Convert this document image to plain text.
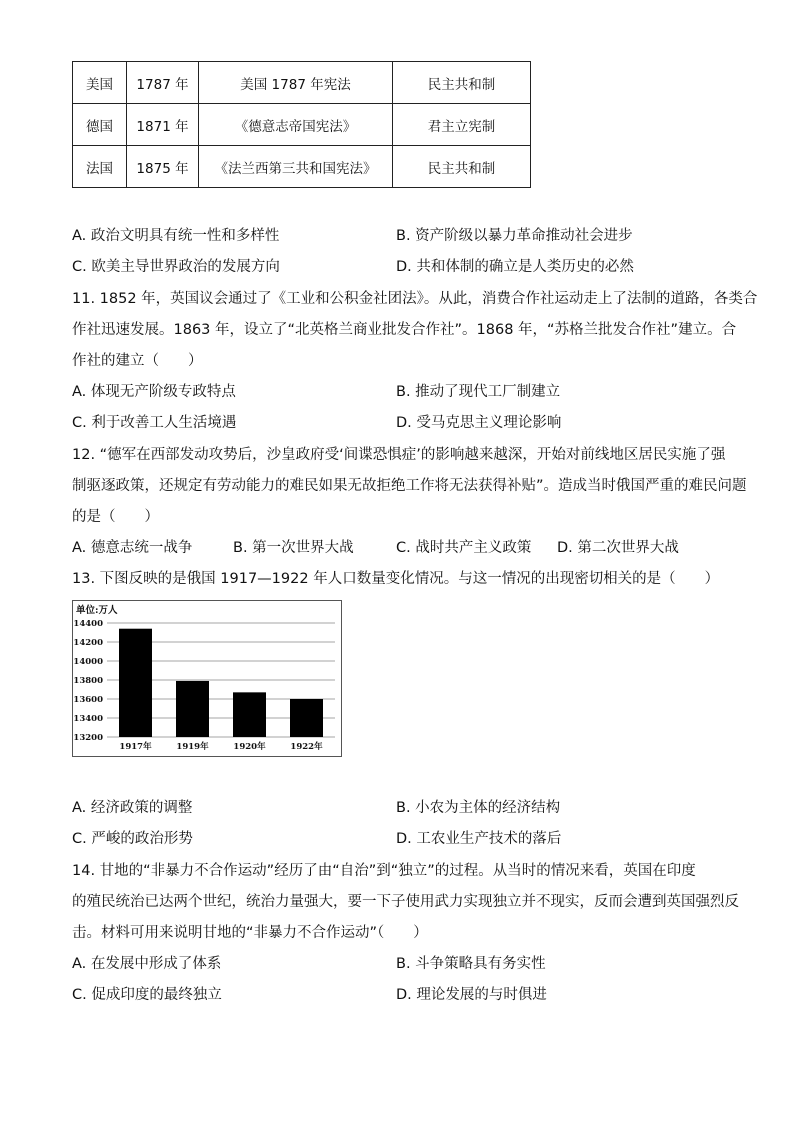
美国	1787 年	美国 1787 年宪法	民主共和制
德国	1871 年	《德意志帝国宪法》	君主立宪制
法国	1875 年	《法兰西第三共和国宪法》	民主共和制
A. 政治文明具有统一性和多样性	B. 资产阶级以暴力革命推动社会进步
C. 欧美主导世界政治的发展方向	D. 共和体制的确立是人类历史的必然
11. 1852 年，英国议会通过了《工业和公积金社团法》。从此，消费合作社运动走上了法制的道路，各类合
作社迅速发展。1863 年，设立了“北英格兰商业批发合作社”。1868 年，“苏格兰批发合作社”建立。合
作社的建立（　　）
A. 体现无产阶级专政特点	B. 推动了现代工厂制建立
C. 利于改善工人生活境遇	D. 受马克思主义理论影响
12. “德军在西部发动攻势后，沙皇政府受‘间谍恐惧症’的影响越来越深，开始对前线地区居民实施了强
制驱逐政策，还规定有劳动能力的难民如果无故拒绝工作将无法获得补贴”。造成当时俄国严重的难民问题
的是（　　）
A. 德意志统一战争	B. 第一次世界大战	C. 战时共产主义政策 D. 第二次世界大战
13. 下图反映的是俄国 1917—1922 年人口数量变化情况。与这一情况的出现密切相关的是（　　）
单位:万人
13200
13400
13600
13800
14000
14200
14400
1917年	1919年	1920年	1922年
A. 经济政策的调整	B. 小农为主体的经济结构
C. 严峻的政治形势	D. 工农业生产技术的落后
14. 甘地的“非暴力不合作运动”经历了由“自治”到“独立”的过程。从当时的情况来看，英国在印度
的殖民统治已达两个世纪，统治力量强大，要一下子使用武力实现独立并不现实，反而会遭到英国强烈反
击。材料可用来说明甘地的“非暴力不合作运动”（　　）
A. 在发展中形成了体系	B. 斗争策略具有务实性
C. 促成印度的最终独立	D. 理论发展的与时俱进
